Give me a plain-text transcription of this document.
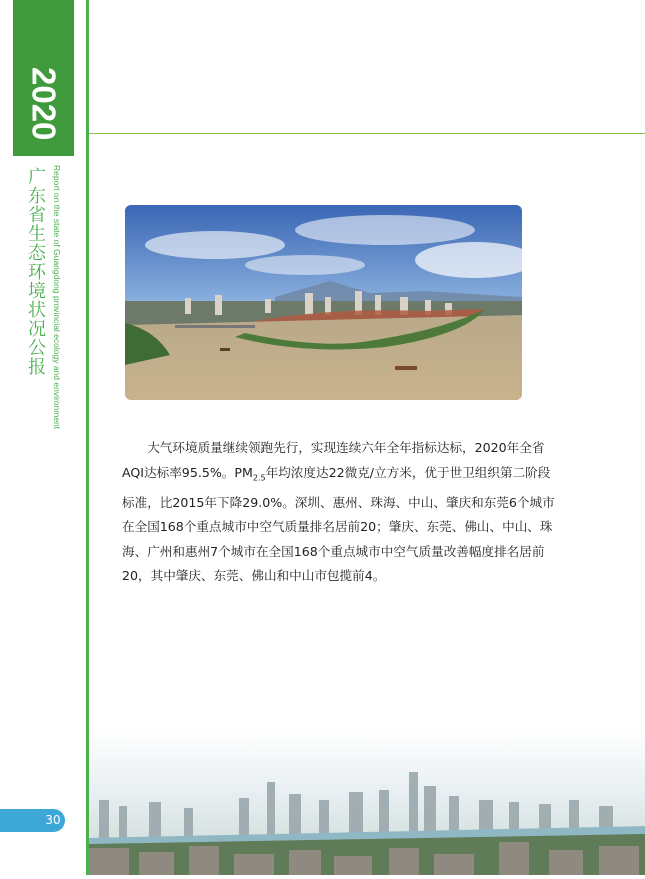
2020
广东省生态环境状况公报 Report on the state of Guangdong provincial ecology and environment

大气环境质量继续领跑先行，实现连续六年全年指标达标，2020年全省AQI达标率95.5%。$PM_{2.5}$年均浓度达22微克/立方米，优于世卫组织第二阶段标准，比2015年下降29.0%。深圳、惠州、珠海、中山、肇庆和东莞6个城市在全国168个重点城市中空气质量排名居前20；肇庆、东莞、佛山、中山、珠海、广州和惠州7个城市在全国168个重点城市中空气质量改善幅度排名居前20，其中肇庆、东莞、佛山和中山市包揽前4。

30
